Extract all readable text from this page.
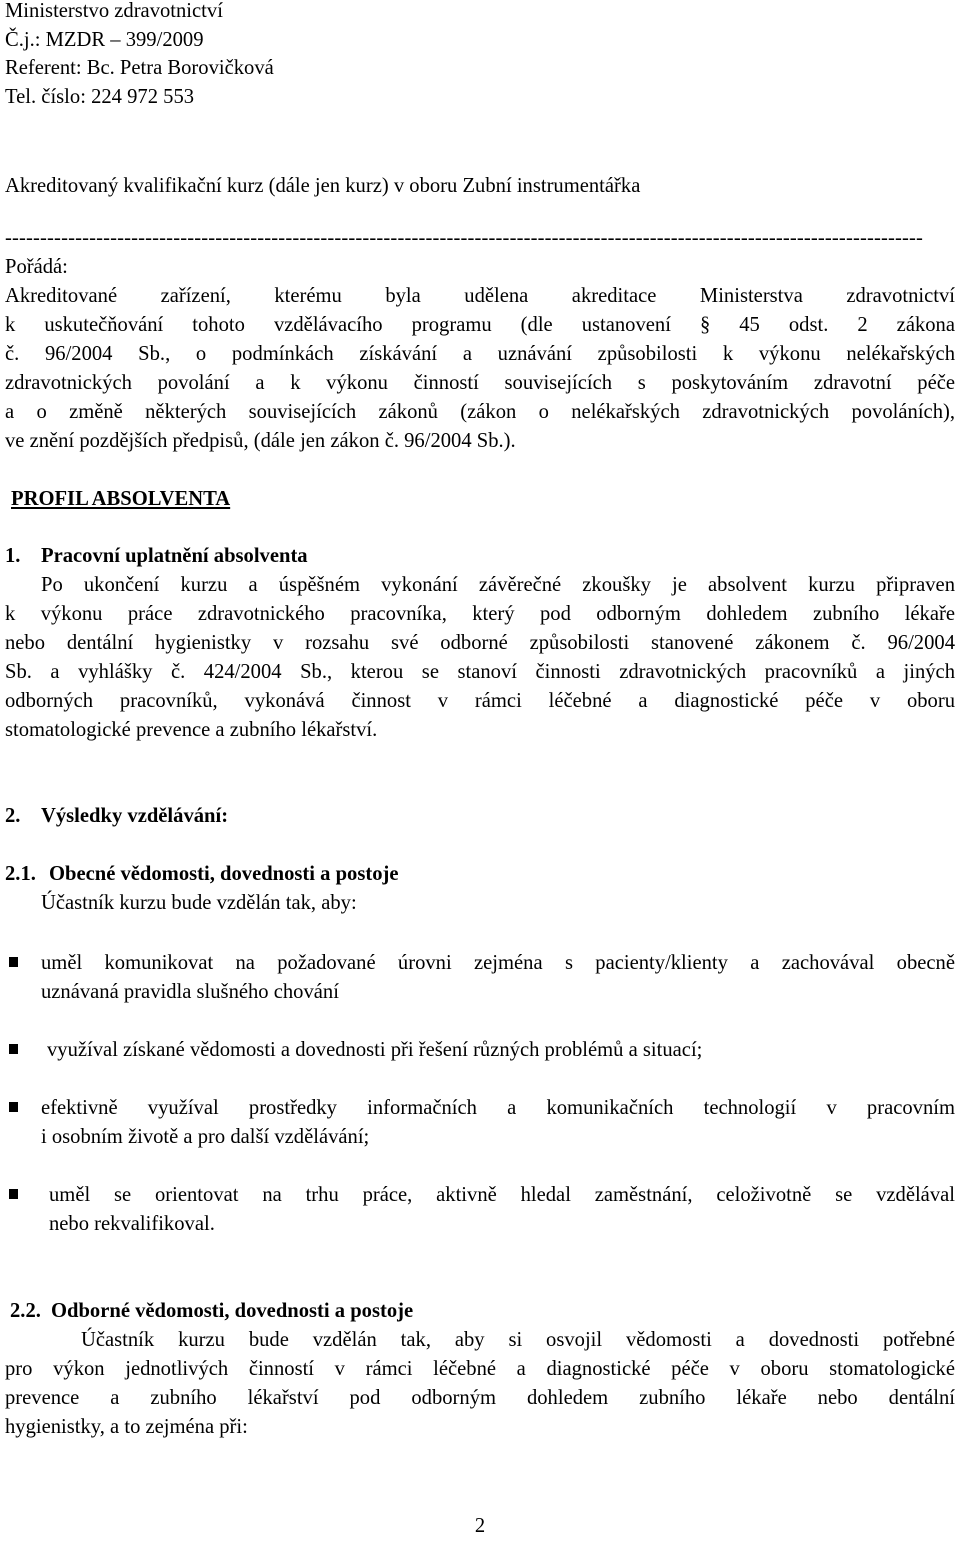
Ministerstvo zdravotnictví
Č.j.: MZDR – 399/2009
Referent: Bc. Petra Borovičková
Tel. číslo: 224 972 553
Akreditovaný kvalifikační kurz (dále jen kurz) v oboru Zubní instrumentářka
-----------------------------------------------------------------------------------------------------------------------------------
Pořádá:
Akreditované zařízení, kterému byla udělena akreditace Ministerstva zdravotnictví
k uskutečňování tohoto vzdělávacího programu (dle ustanovení § 45 odst. 2 zákona
č. 96/2004 Sb., o podmínkách získávání a uznávání způsobilosti k výkonu nelékařských
zdravotnických povolání a k výkonu činností souvisejících s poskytováním zdravotní péče
a o změně některých souvisejících zákonů (zákon o nelékařských zdravotnických povoláních),
ve znění pozdějších předpisů, (dále jen zákon č. 96/2004 Sb.).
PROFIL ABSOLVENTA
1. Pracovní uplatnění absolventa
Po ukončení kurzu a úspěšném vykonání závěrečné zkoušky je absolvent kurzu připraven
k výkonu práce zdravotnického pracovníka, který pod odborným dohledem zubního lékaře
nebo dentální hygienistky v rozsahu své odborné způsobilosti stanovené zákonem č. 96/2004
Sb. a vyhlášky č. 424/2004 Sb., kterou se stanoví činnosti zdravotnických pracovníků a jiných
odborných pracovníků, vykonává činnost v rámci léčebné a diagnostické péče v oboru
stomatologické prevence a zubního lékařství.
2. Výsledky vzdělávání:
2.1. Obecné vědomosti, dovednosti a postoje
Účastník kurzu bude vzdělán tak, aby:
uměl komunikovat na požadované úrovni zejména s pacienty/klienty a zachovával obecně
uznávaná pravidla slušného chování
využíval získané vědomosti a dovednosti při řešení různých problémů a situací;
efektivně využíval prostředky informačních a komunikačních technologií v pracovním
i osobním životě a pro další vzdělávání;
uměl se orientovat na trhu práce, aktivně hledal zaměstnání, celoživotně se vzdělával
nebo rekvalifikoval.
2.2. Odborné vědomosti, dovednosti a postoje
Účastník kurzu bude vzdělán tak, aby si osvojil vědomosti a dovednosti potřebné
pro výkon jednotlivých činností v rámci léčebné a diagnostické péče v oboru stomatologické
prevence a zubního lékařství pod odborným dohledem zubního lékaře nebo dentální
hygienistky, a to zejména při:
2
